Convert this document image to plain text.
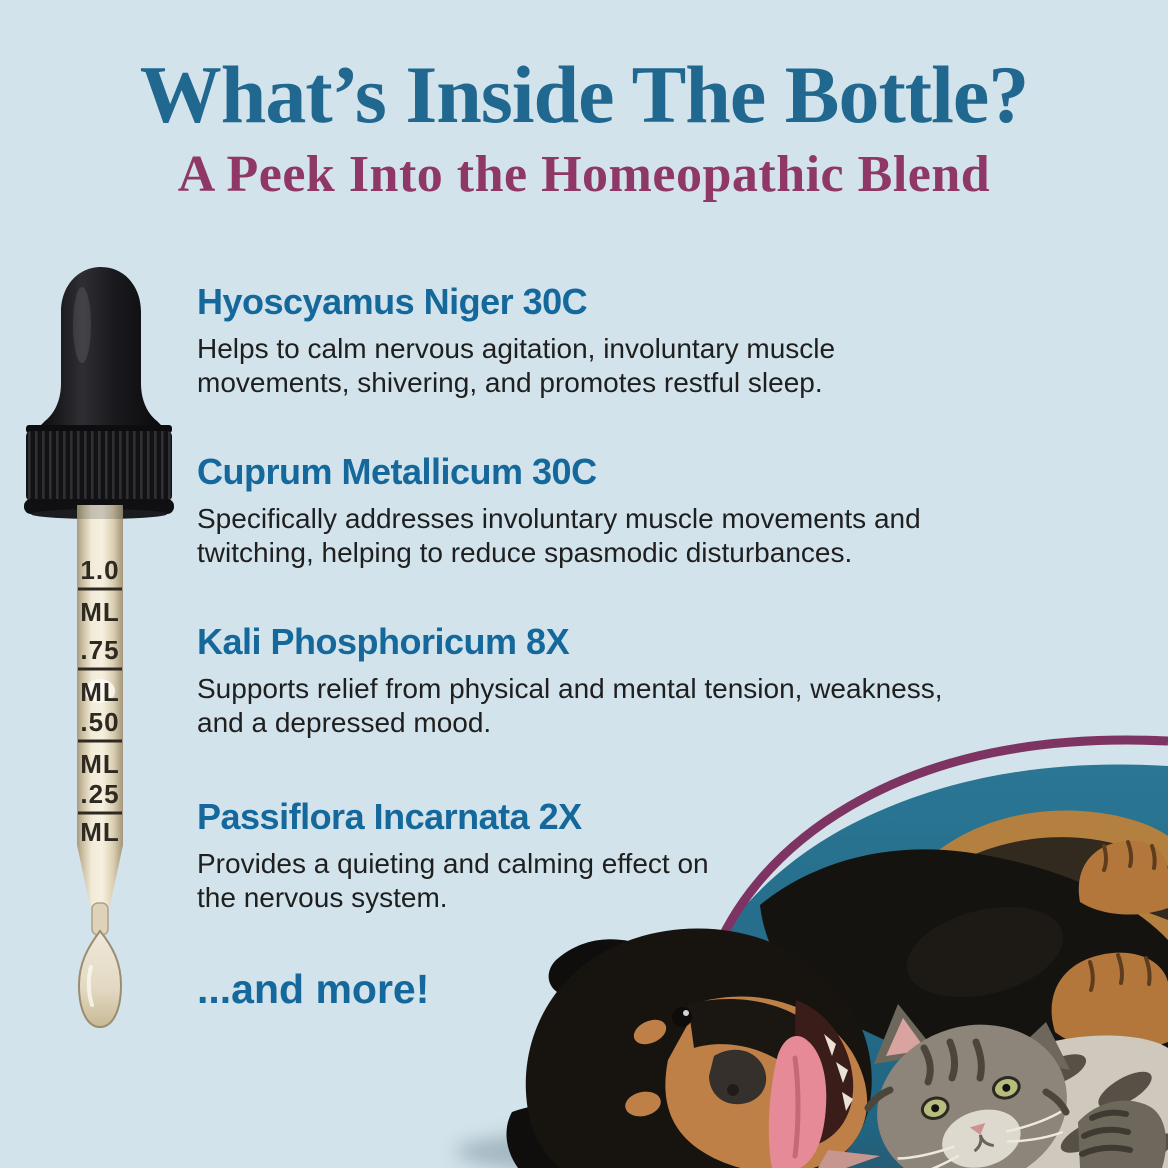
1.0
ML
.75
ML
.50
ML
.25
ML
What’s Inside The Bottle?
A Peek Into the Homeopathic Blend
Hyoscyamus Niger 30C
Helps to calm nervous agitation, involuntary muscle
movements, shivering, and promotes restful sleep.
Cuprum Metallicum 30C
Specifically addresses involuntary muscle movements and
twitching, helping to reduce spasmodic disturbances.
Kali Phosphoricum 8X
Supports relief from physical and mental tension, weakness,
and a depressed mood.
Passiflora Incarnata 2X
Provides a quieting and calming effect on
the nervous system.

...and more!
